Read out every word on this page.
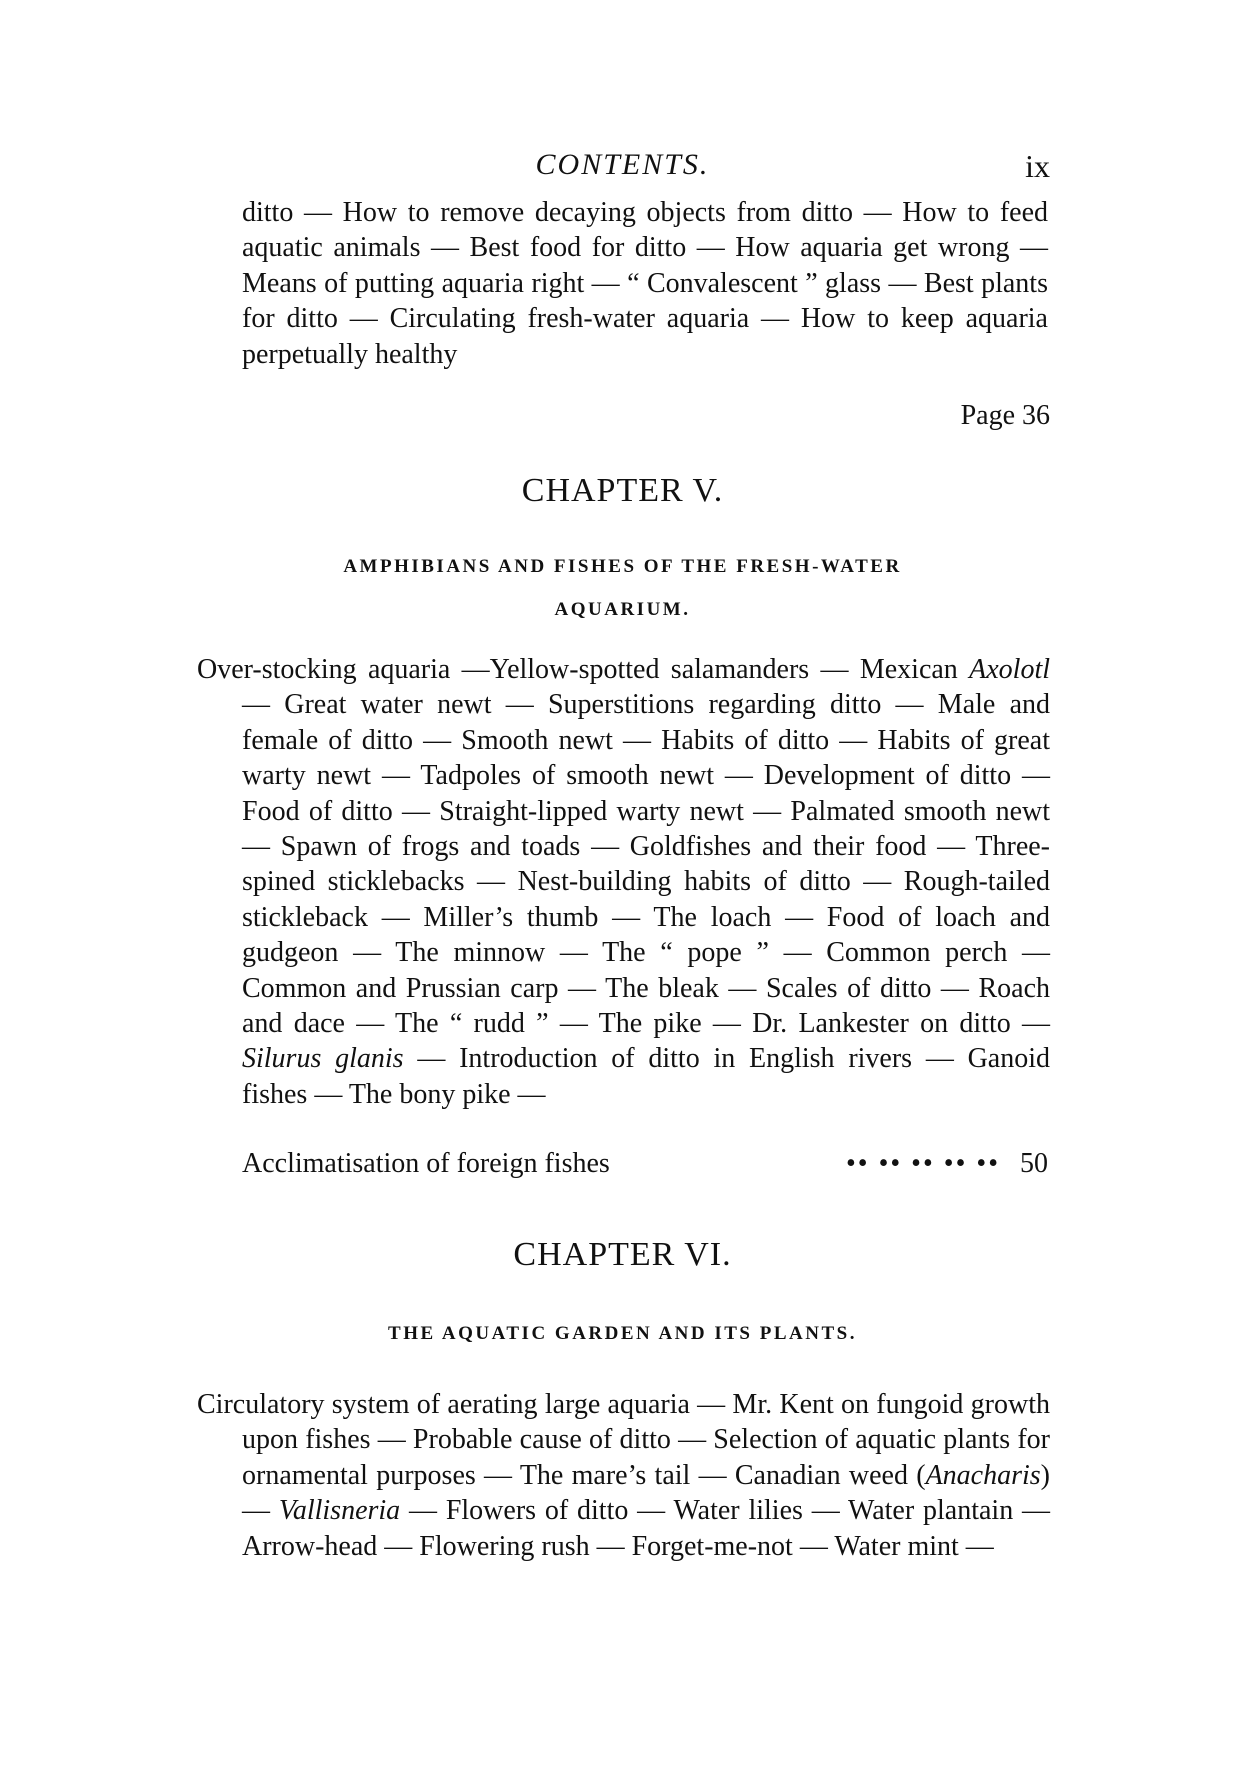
CONTENTS.	ix
ditto — How to remove decaying objects from ditto — How to feed aquatic animals — Best food for ditto — How aquaria get wrong — Means of putting aquaria right — “ Convalescent ” glass — Best plants for ditto — Circulating fresh-water aquaria — How to keep aquaria perpetually healthy
Page 36
CHAPTER V.
AMPHIBIANS AND FISHES OF THE FRESH-WATER
AQUARIUM.
Over-stocking aquaria —Yellow-spotted salamanders — Mexican Axolotl — Great water newt — Superstitions regarding ditto — Male and female of ditto — Smooth newt — Habits of ditto — Habits of great warty newt — Tadpoles of smooth newt — Development of ditto — Food of ditto — Straight-lipped warty newt — Palmated smooth newt — Spawn of frogs and toads — Goldfishes and their food — Three-spined sticklebacks — Nest-building habits of ditto — Rough-tailed stickleback — Miller’s thumb — The loach — Food of loach and gudgeon — The minnow — The “ pope ” — Common perch — Common and Prussian carp — The bleak — Scales of ditto — Roach and dace — The “ rudd ” — The pike — Dr. Lankester on ditto — Silurus glanis — Introduction of ditto in English rivers — Ganoid fishes — The bony pike —
Acclimatisation of foreign fishes	•• •• •• •• •• 50
CHAPTER VI.
THE AQUATIC GARDEN AND ITS PLANTS.
Circulatory system of aerating large aquaria — Mr. Kent on fungoid growth upon fishes — Probable cause of ditto — Selection of aquatic plants for ornamental purposes — The mare’s tail — Canadian weed (Anacharis) — Vallisneria — Flowers of ditto — Water lilies — Water plantain — Arrow-head — Flowering rush — Forget-me-not — Water mint —
